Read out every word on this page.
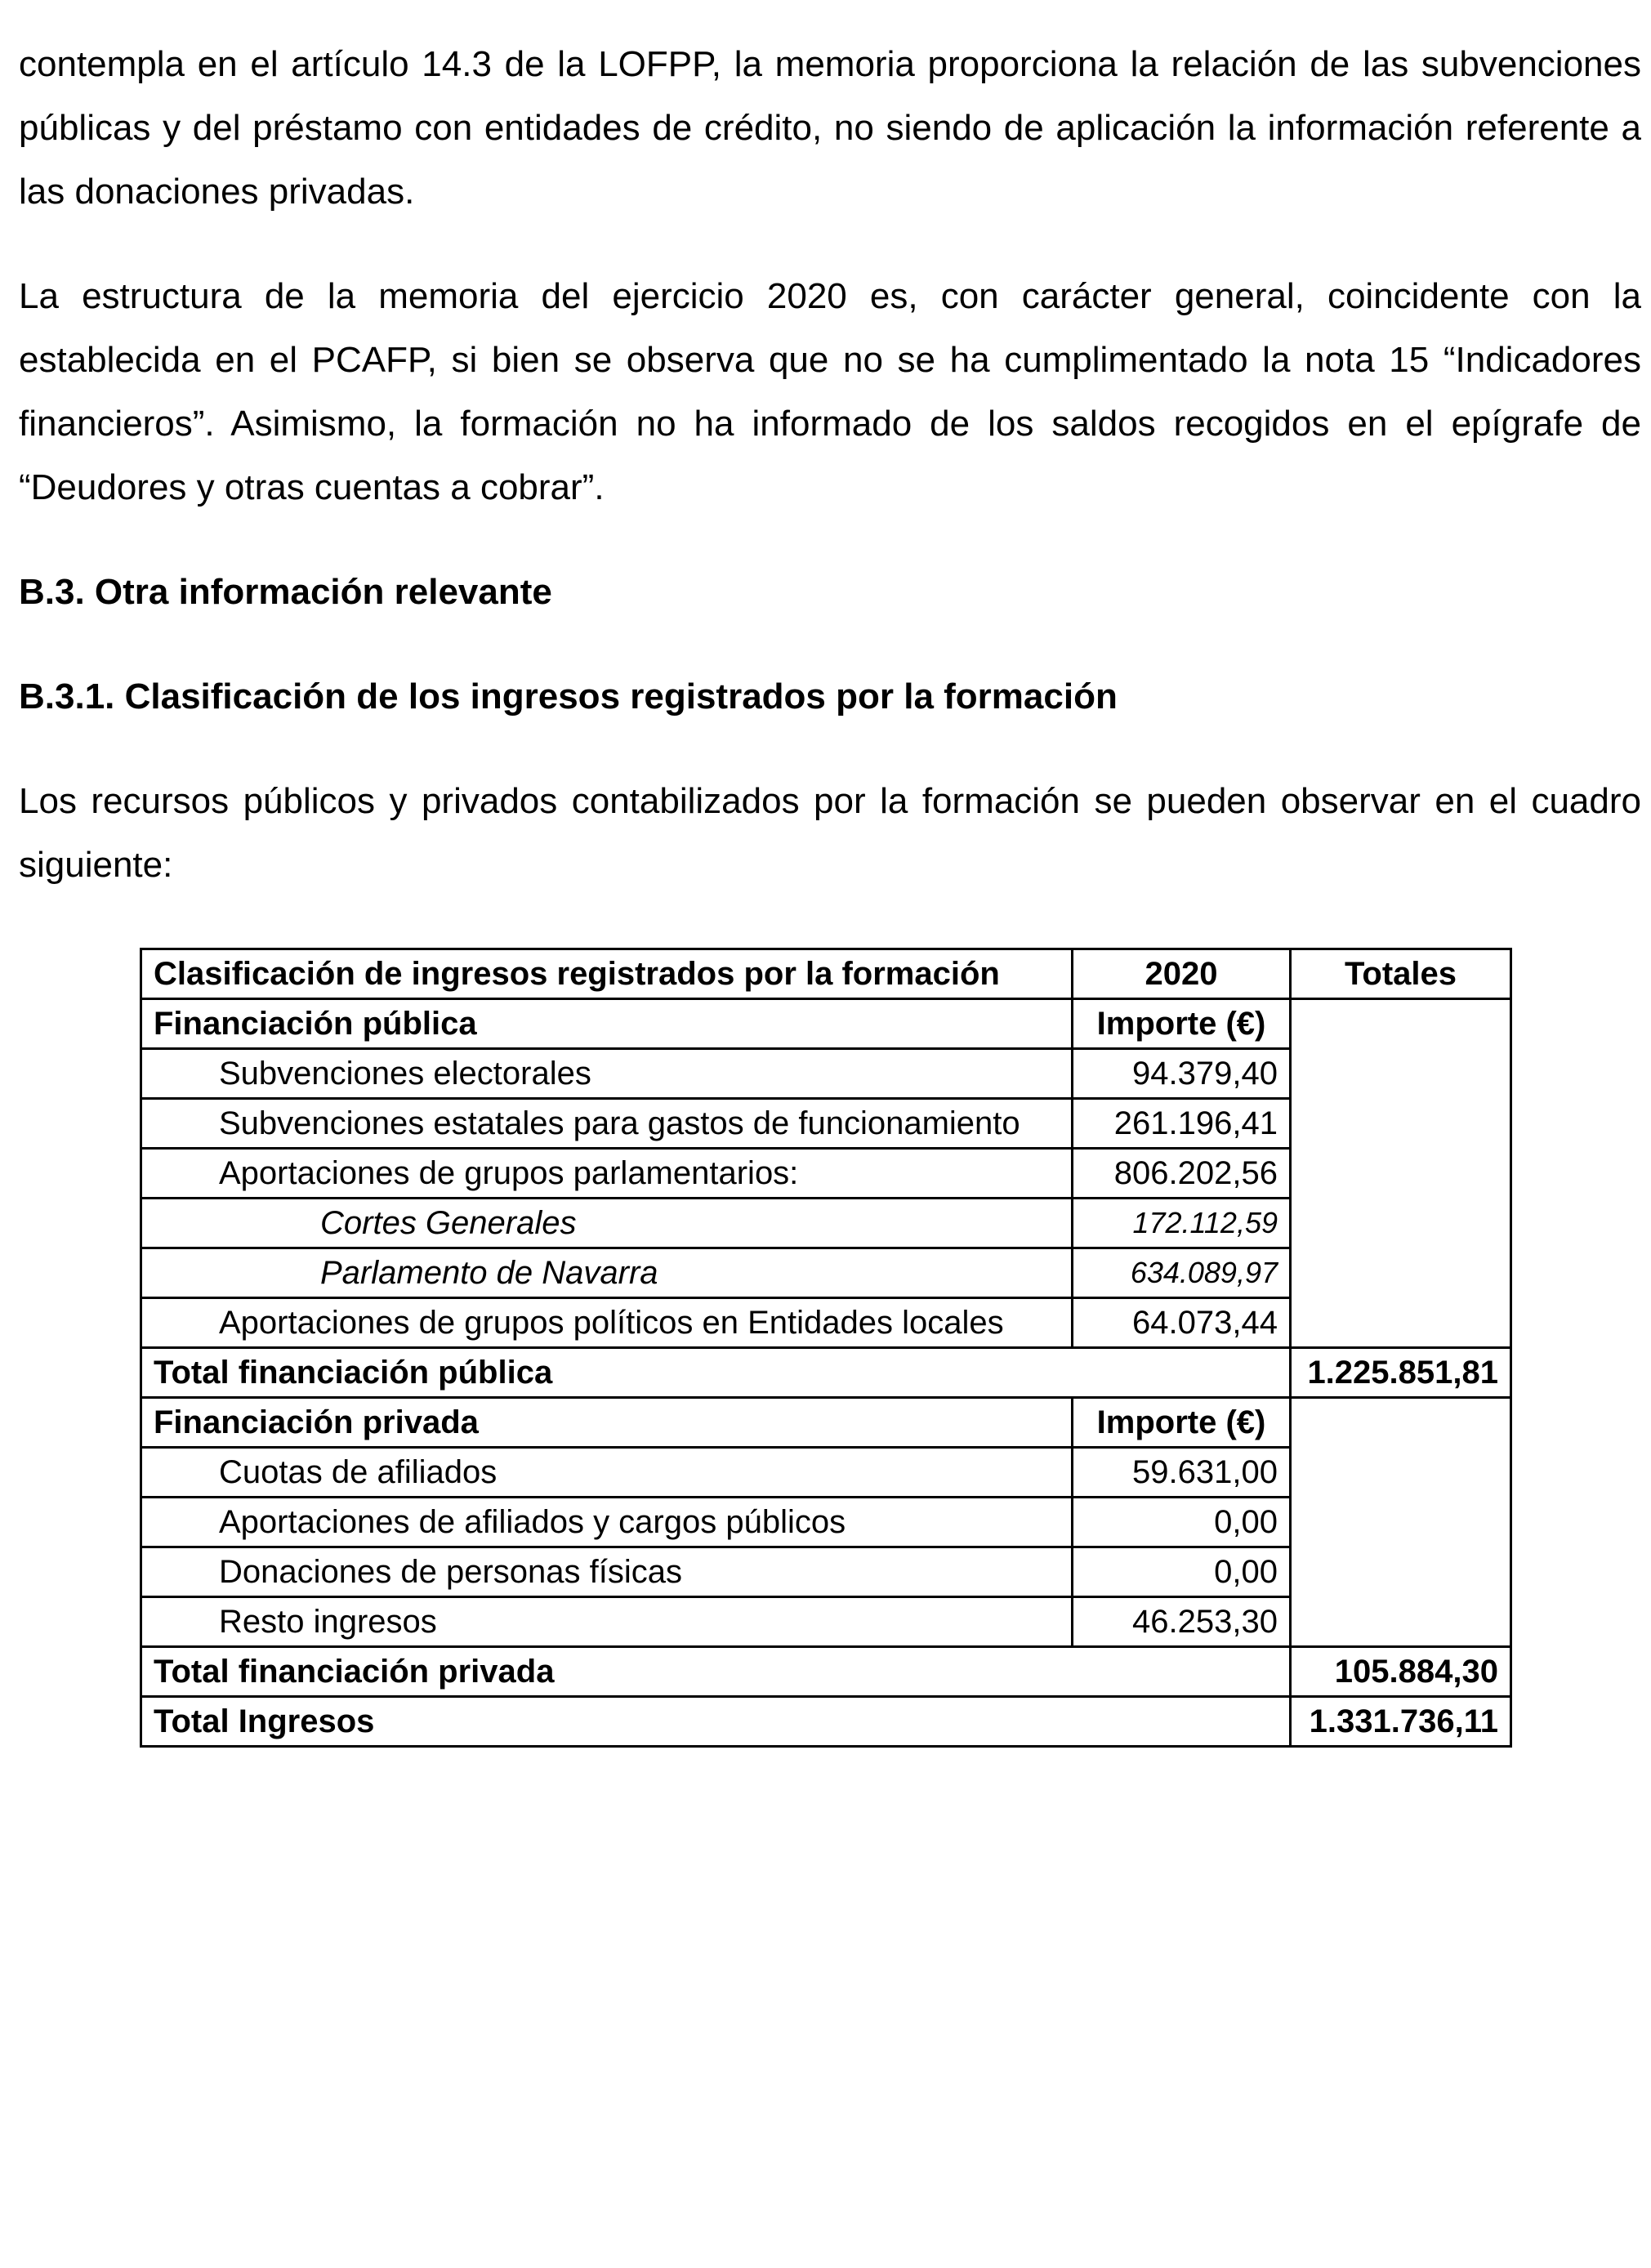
contempla en el artículo 14.3 de la LOFPP, la memoria proporciona la relación de las subvenciones públicas y del préstamo con entidades de crédito, no siendo de aplicación la información referente a las donaciones privadas.

La estructura de la memoria del ejercicio 2020 es, con carácter general, coincidente con la establecida en el PCAFP, si bien se observa que no se ha cumplimentado la nota 15 “Indicadores financieros”. Asimismo, la formación no ha informado de los saldos recogidos en el epígrafe de “Deudores y otras cuentas a cobrar”.

B.3. Otra información relevante

B.3.1. Clasificación de los ingresos registrados por la formación

Los recursos públicos y privados contabilizados por la formación se pueden observar en el cuadro siguiente:

Clasificación de ingresos registrados por la formación	2020	Totales
Financiación pública	Importe (€)	
Subvenciones electorales	94.379,40	
Subvenciones estatales para gastos de funcionamiento	261.196,41	
Aportaciones de grupos parlamentarios:	806.202,56	
Cortes Generales	172.112,59	
Parlamento de Navarra	634.089,97	
Aportaciones de grupos políticos en Entidades locales	64.073,44	
Total financiación pública		1.225.851,81
Financiación privada	Importe (€)	
Cuotas de afiliados	59.631,00	
Aportaciones de afiliados y cargos públicos	0,00	
Donaciones de personas físicas	0,00	
Resto ingresos	46.253,30	
Total financiación privada		105.884,30
Total Ingresos		1.331.736,11
